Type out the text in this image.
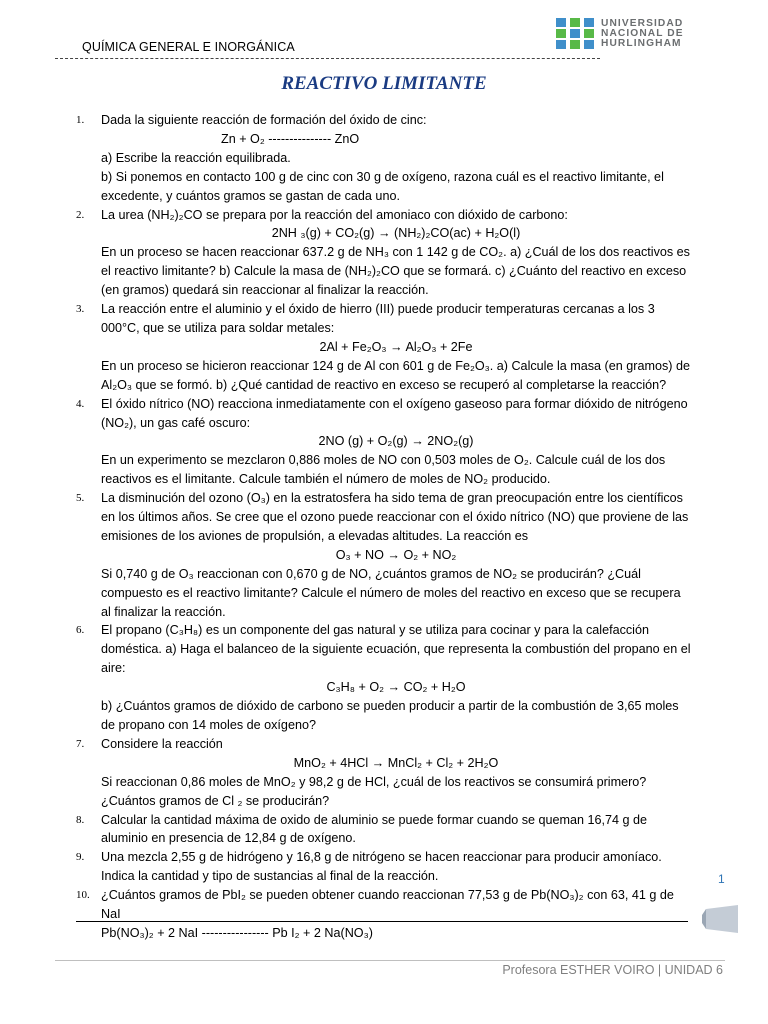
QUÍMICA GENERAL E INORGÁNICA
UNIVERSIDAD
NACIONAL DE
HURLINGHAM
REACTIVO LIMITANTE
1. Dada la siguiente reacción de formación del óxido de cinc:

Zn + O₂ --------------- ZnO

a) Escribe la reacción equilibrada.

b) Si ponemos en contacto 100 g de cinc con 30 g de oxígeno, razona cuál es el reactivo limitante, el excedente, y cuántos gramos se gastan de cada uno.

2. La urea (NH₂)₂CO se prepara por la reacción del amoniaco con dióxido de carbono:

2NH ₃(g) + CO₂(g) → (NH₂)₂CO(ac) + H₂O(l)

En un proceso se hacen reaccionar 637.2 g de NH₃ con 1 142 g de CO₂. a) ¿Cuál de los dos reactivos es el reactivo limitante? b) Calcule la masa de (NH₂)₂CO que se formará. c) ¿Cuánto del reactivo en exceso (en gramos) quedará sin reaccionar al finalizar la reacción.

3. La reacción entre el aluminio y el óxido de hierro (III) puede producir temperaturas cercanas a los 3 000°C, que se utiliza para soldar metales:

2Al + Fe₂O₃ → Al₂O₃ + 2Fe

En un proceso se hicieron reaccionar 124 g de Al con 601 g de Fe₂O₃. a) Calcule la masa (en gramos) de Al₂O₃ que se formó. b) ¿Qué cantidad de reactivo en exceso se recuperó al completarse la reacción?

4. El óxido nítrico (NO) reacciona inmediatamente con el oxígeno gaseoso para formar dióxido de nitrógeno (NO₂), un gas café oscuro:

2NO (g) + O₂(g) → 2NO₂(g)

En un experimento se mezclaron 0,886 moles de NO con 0,503 moles de O₂. Calcule cuál de los dos reactivos es el limitante. Calcule también el número de moles de NO₂ producido.

5. La disminución del ozono (O₃) en la estratosfera ha sido tema de gran preocupación entre los científicos en los últimos años. Se cree que el ozono puede reaccionar con el óxido nítrico (NO) que proviene de las emisiones de los aviones de propulsión, a elevadas altitudes. La reacción es

O₃ + NO → O₂ + NO₂

Si 0,740 g de O₃ reaccionan con 0,670 g de NO, ¿cuántos gramos de NO₂ se producirán? ¿Cuál compuesto es el reactivo limitante? Calcule el número de moles del reactivo en exceso que se recupera al finalizar la reacción.

6. El propano (C₃H₈) es un componente del gas natural y se utiliza para cocinar y para la calefacción doméstica. a) Haga el balanceo de la siguiente ecuación, que representa la combustión del propano en el aire:

C₃H₈ + O₂ → CO₂ + H₂O

b) ¿Cuántos gramos de dióxido de carbono se pueden producir a partir de la combustión de 3,65 moles de propano con 14 moles de oxígeno?

7. Considere la reacción

MnO₂ + 4HCl → MnCl₂ + Cl₂ + 2H₂O

Si reaccionan 0,86 moles de MnO₂ y 98,2 g de HCl, ¿cuál de los reactivos se consumirá primero? ¿Cuántos gramos de Cl ₂ se producirán?

8. Calcular la cantidad máxima de oxido de aluminio se puede formar cuando se queman 16,74 g de aluminio en presencia de 12,84 g de oxígeno.

9. Una mezcla 2,55 g de hidrógeno y 16,8 g de nitrógeno se hacen reaccionar para producir amoníaco. Indica la cantidad y tipo de sustancias al final de la reacción.

10. ¿Cuántos gramos de PbI₂ se pueden obtener cuando reaccionan 77,53 g de Pb(NO₃)₂ con 63, 41 g de NaI

Pb(NO₃)₂ + 2 NaI ---------------- Pb I₂ + 2 Na(NO₃)

1
Profesora ESTHER VOIRO | UNIDAD 6
